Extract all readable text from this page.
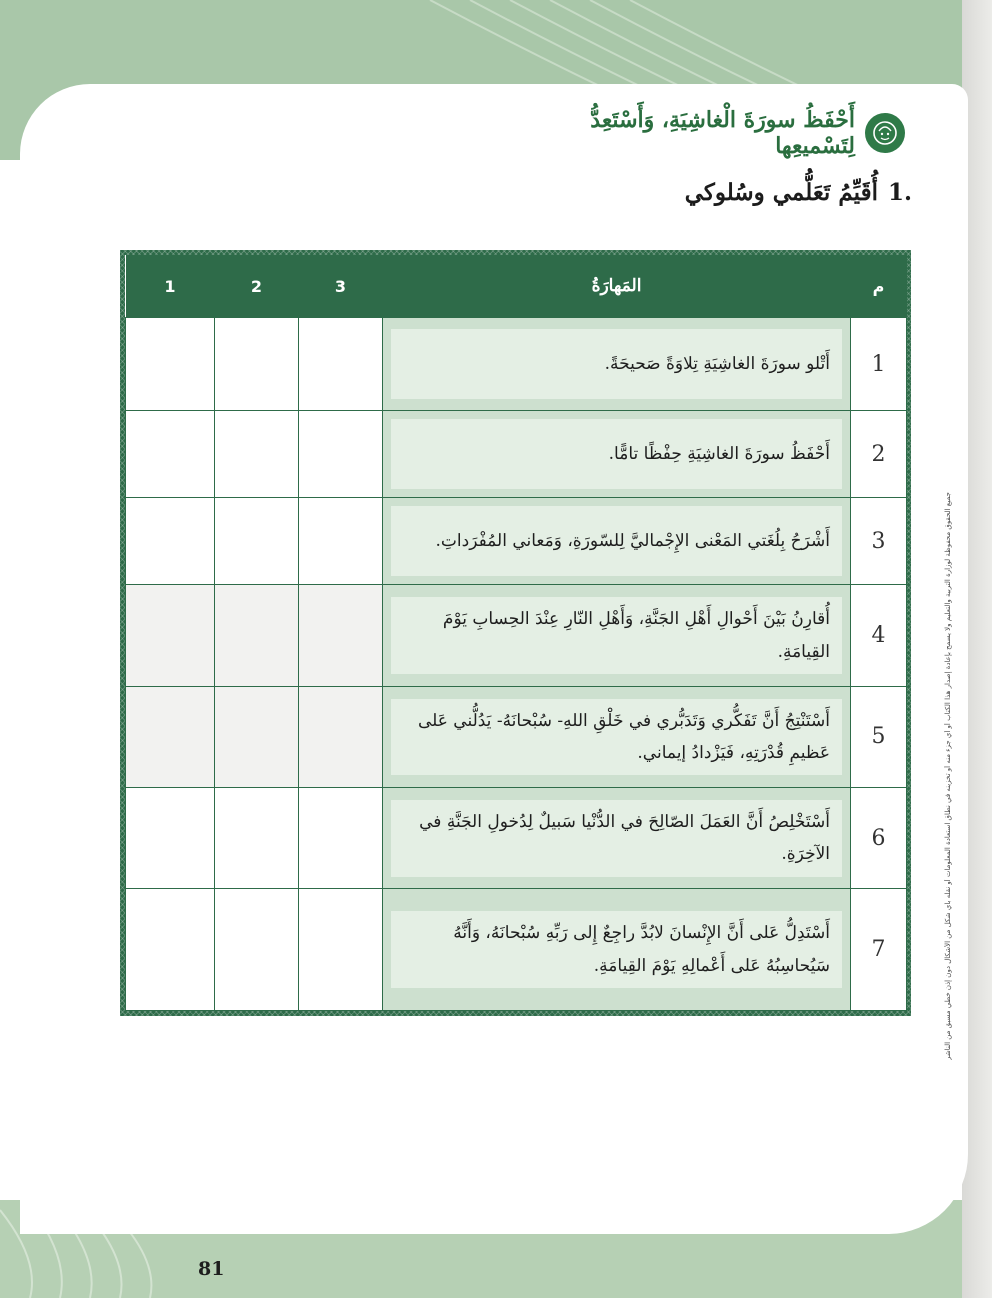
جميع الحقوق محفوظة لوزارة التربية والتعليم ولا يسمح بإعادة إصدار هذا الكتاب أو أي جزء منه أو تخزينه في نطاق استعادة المعلومات أو نقله بأي شكل من الأشكال دون إذن خطي مسبق من الناشر
أَحْفَظُ سورَةَ الْغاشِيَةِ، وَأَسْتَعِدُّ لِتَسْميعِها
1.
أُقَيِّمُ تَعَلُّمي وسُلوكي
م	المَهارَةُ	3	2	1
1	أَتْلو سورَةَ الغاشِيَةِ تِلاوَةً صَحيحَةً.			

2	أَحْفَظُ سورَةَ الغاشِيَةِ حِفْظًا تامًّا.			

3	أَشْرَحُ بِلُغَتي المَعْنى الإِجْماليَّ لِلسّورَةِ، وَمَعاني المُفْرَداتِ.			

4	أُقارِنُ بَيْنَ أَحْوالِ أَهْلِ الجَنَّةِ، وَأَهْلِ النّارِ عِنْدَ الحِسابِ يَوْمَ القِيامَةِ.			

5	أَسْتَنْتِجُ أَنَّ تَفَكُّري وَتَدَبُّري في خَلْقِ اللهِ- سُبْحانَهُ- يَدُلُّني عَلى عَظيمِ قُدْرَتِهِ، فَيَزْدادُ إيماني.			

6	أَسْتَخْلِصُ أَنَّ العَمَلَ الصّالِحَ في الدُّنْيا سَبيلٌ لِدُخولِ الجَنَّةِ في الآخِرَةِ.			

7	أَسْتَدِلُّ عَلى أَنَّ الإِنْسانَ لابُدَّ راجِعٌ إِلى رَبِّهِ سُبْحانَهُ، وَأَنَّهُ سَيُحاسِبُهُ عَلى أَعْمالِهِ يَوْمَ القِيامَةِ.			

81
